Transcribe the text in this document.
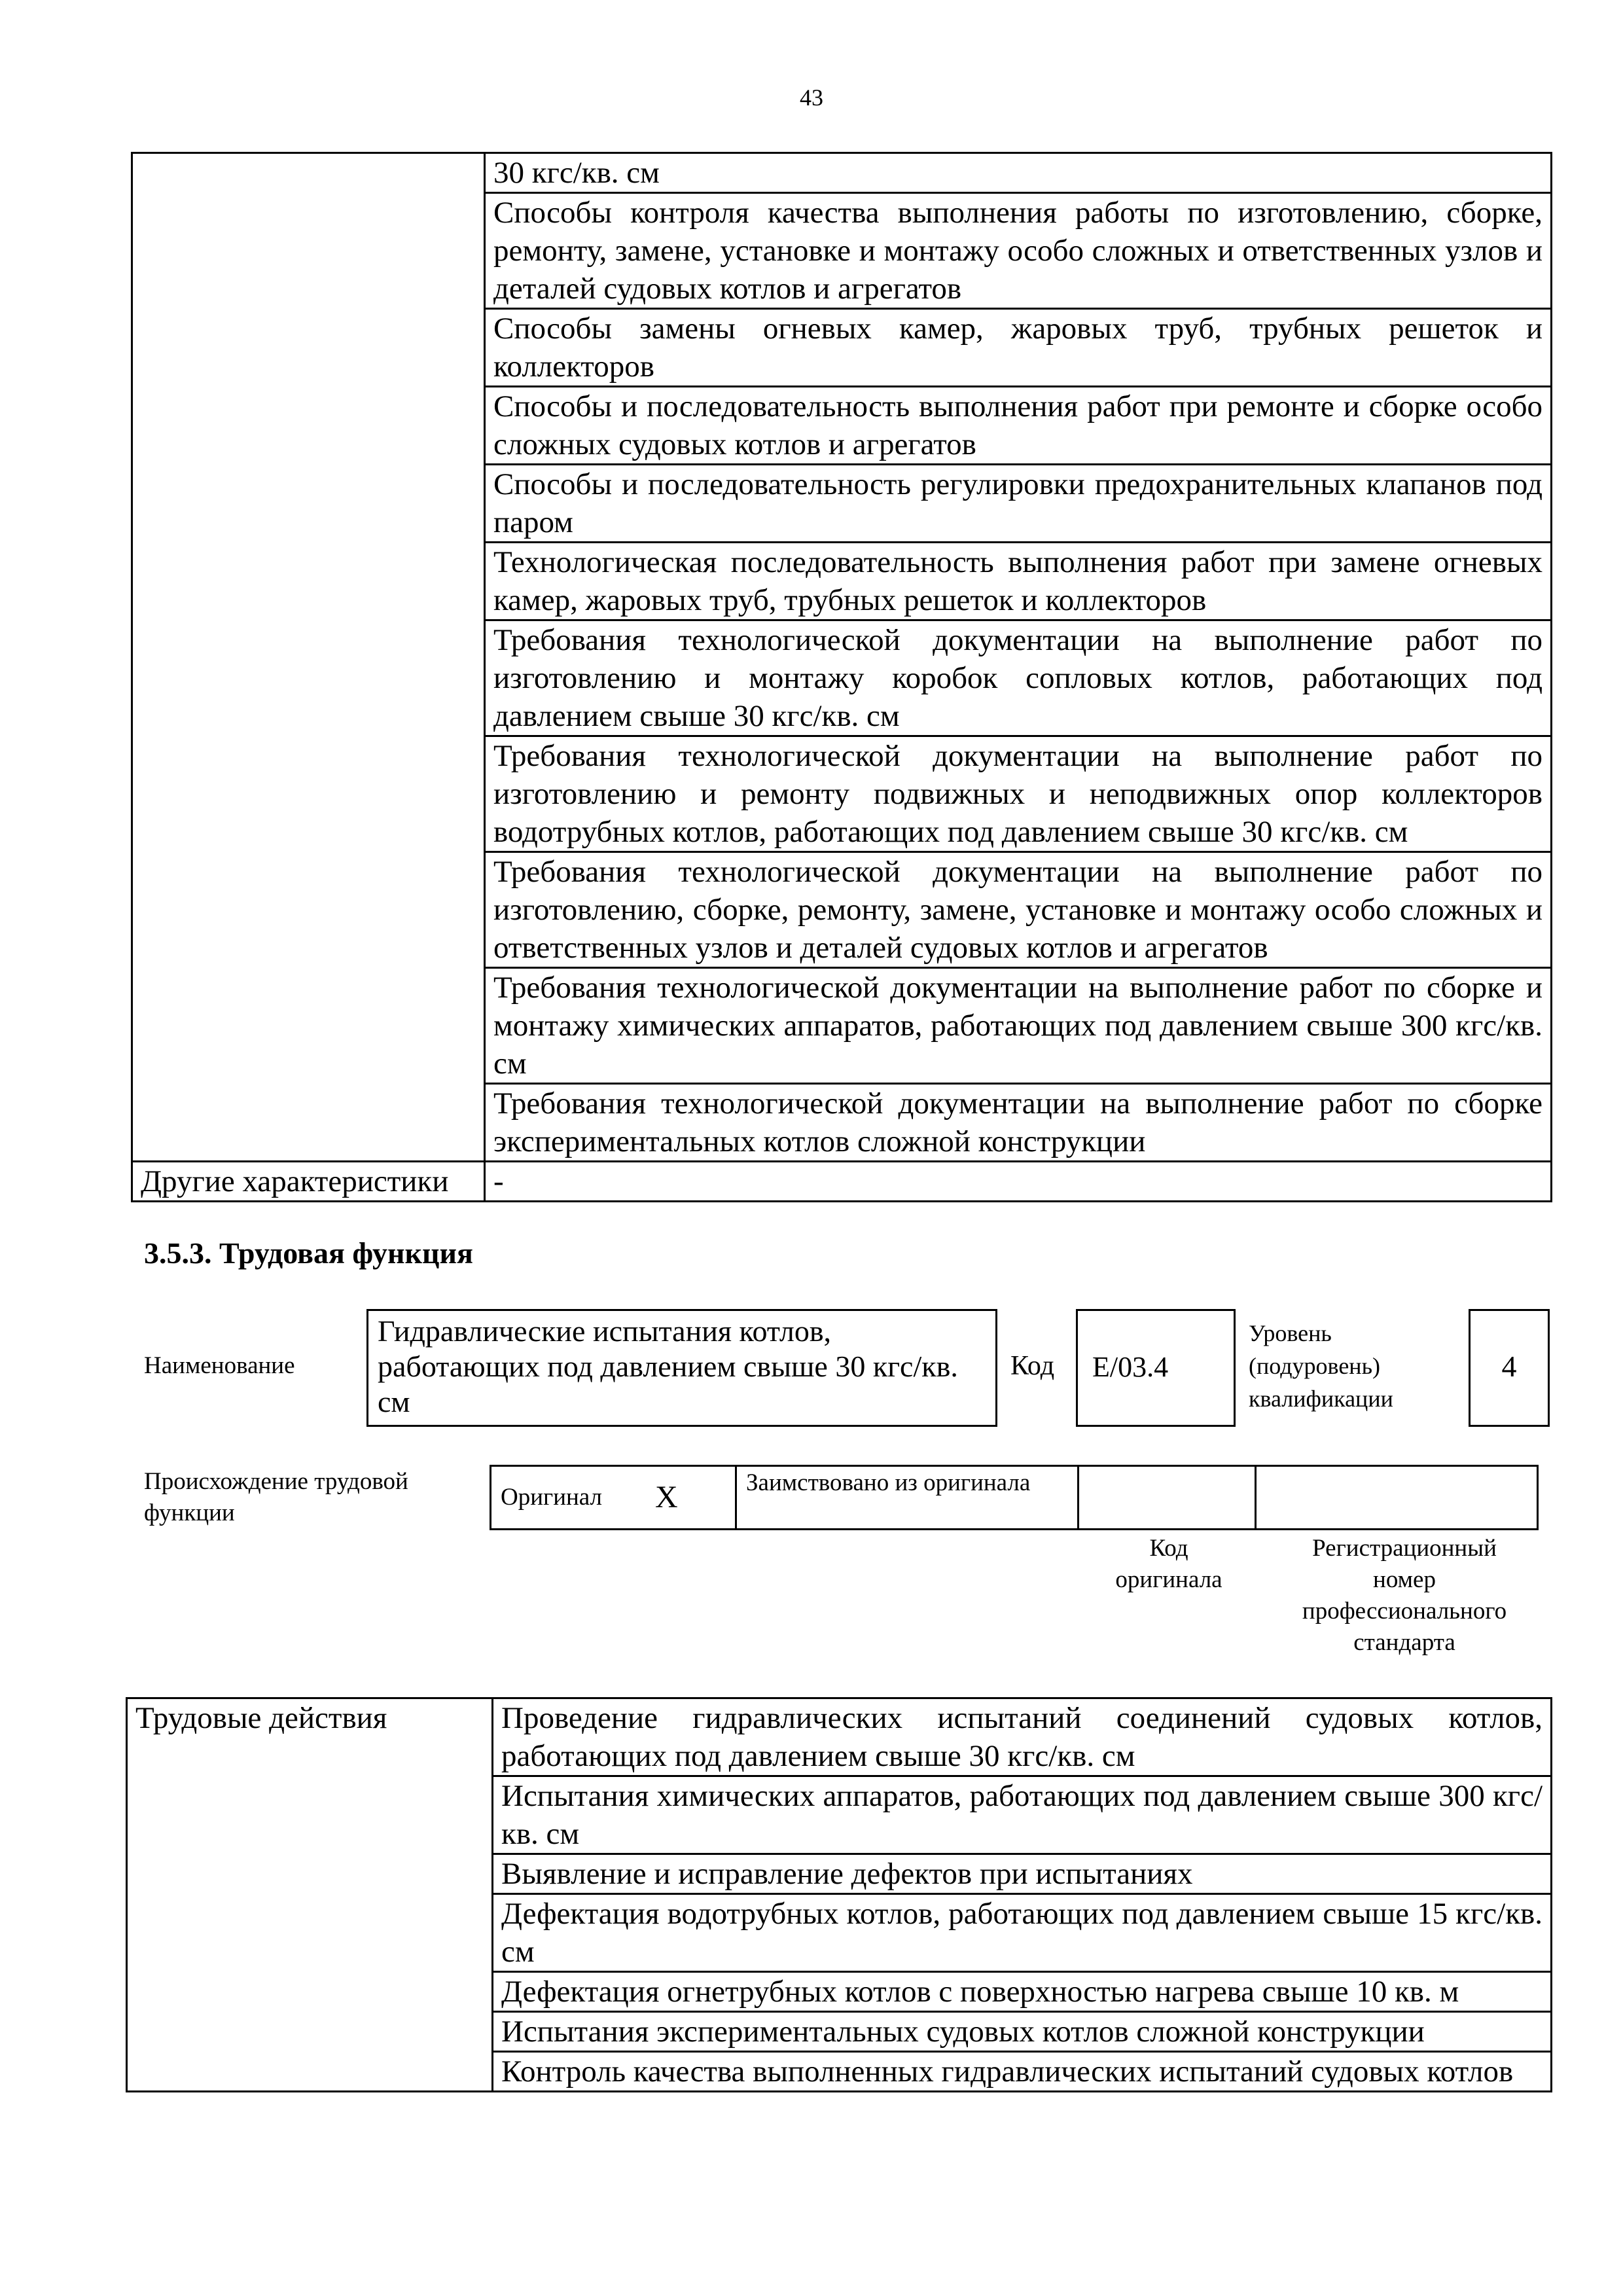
43
	30 кгс/кв. см
	Способы контроля качества выполнения работы по изготовлению, сборке, ремонту, замене, установке и монтажу особо сложных и ответственных узлов и деталей судовых котлов и агрегатов
	Способы замены огневых камер, жаровых труб, трубных решеток и коллекторов
	Способы и последовательность выполнения работ при ремонте и сборке особо сложных судовых котлов и агрегатов
	Способы и последовательность регулировки предохранительных клапанов под паром
	Технологическая последовательность выполнения работ при замене огневых камер, жаровых труб, трубных решеток и коллекторов
	Требования технологической документации на выполнение работ по изготовлению и монтажу коробок сопловых котлов, работающих под давлением свыше 30 кгс/кв. см
	Требования технологической документации на выполнение работ по изготовлению и ремонту подвижных и неподвижных опор коллекторов водотрубных котлов, работающих под давлением свыше 30 кгс/кв. см
	Требования технологической документации на выполнение работ по изготовлению, сборке, ремонту, замене, установке и монтажу особо сложных и ответственных узлов и деталей судовых котлов и агрегатов
	Требования технологической документации на выполнение работ по сборке и монтажу химических аппаратов, работающих под давлением свыше 300 кгс/кв. см
	Требования технологической документации на выполнение работ по сборке экспериментальных котлов сложной конструкции
Другие характеристики	-
3.5.3. Трудовая функция
Наименование
Гидравлические испытания котлов, работающих под давлением свыше 30 кгс/кв. см
Код	E/03.4
Уровень
(подуровень)
квалификации
4
Происхождение трудовой функции
Оригинал	X	Заимствовано из оригинала		
Код
оригинала
Регистрационный
номер
профессионального
стандарта
Трудовые действия	Проведение гидравлических испытаний соединений судовых котлов, работающих под давлением свыше 30 кгс/кв. см
Испытания химических аппаратов, работающих под давлением свыше 300 кгс/кв. см
Выявление и исправление дефектов при испытаниях
Дефектация водотрубных котлов, работающих под давлением свыше 15 кгс/кв. см
Дефектация огнетрубных котлов с поверхностью нагрева свыше 10 кв. м
Испытания экспериментальных судовых котлов сложной конструкции
Контроль качества выполненных гидравлических испытаний судовых котлов
